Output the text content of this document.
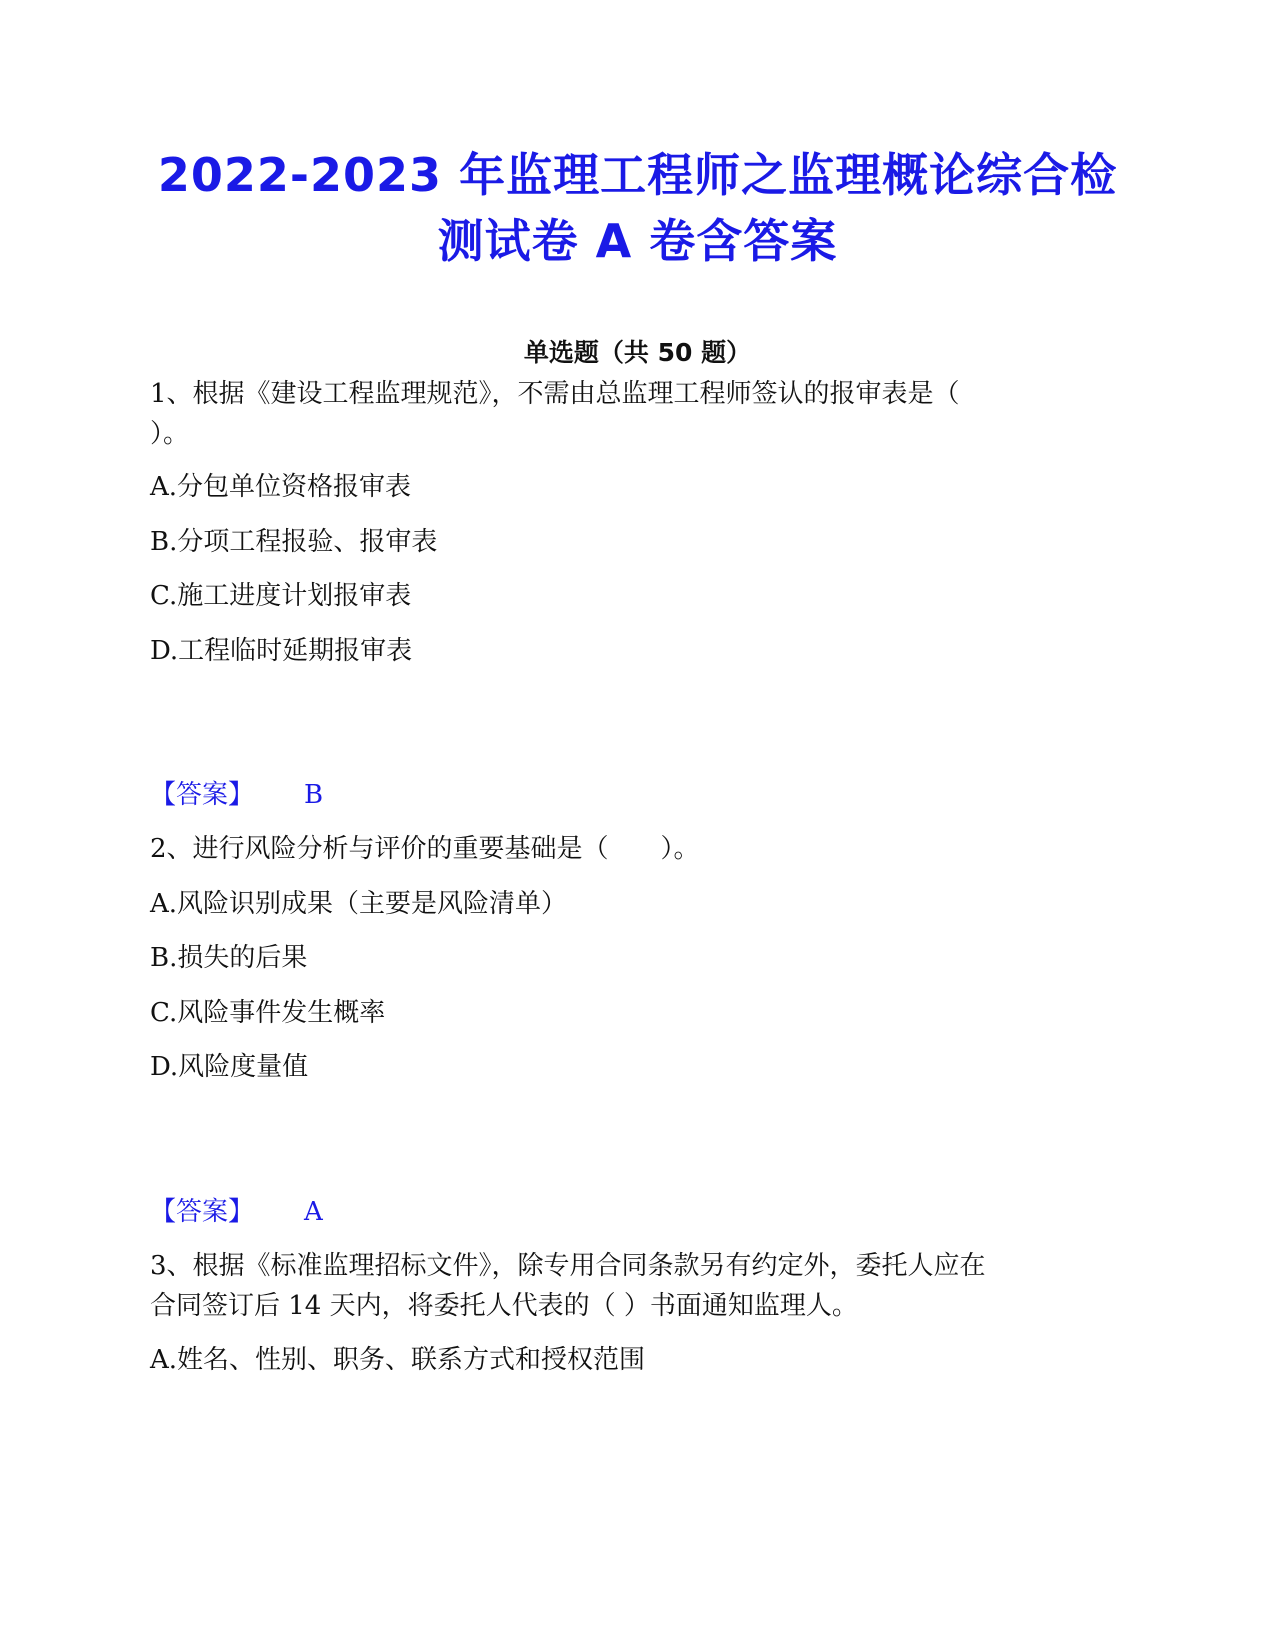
2022-2023 年监理工程师之监理概论综合检
测试卷 A 卷含答案
单选题（共 50 题）
1、根据《建设工程监理规范》，不需由总监理工程师签认的报审表是（
）。
A.分包单位资格报审表
B.分项工程报验、报审表
C.施工进度计划报审表
D.工程临时延期报审表
【答案】 B
2、进行风险分析与评价的重要基础是（　　）。
A.风险识别成果（主要是风险清单）
B.损失的后果
C.风险事件发生概率
D.风险度量值
【答案】 A
3、根据《标准监理招标文件》，除专用合同条款另有约定外，委托人应在
合同签订后 14 天内，将委托人代表的（ ）书面通知监理人。
A.姓名、性别、职务、联系方式和授权范围
